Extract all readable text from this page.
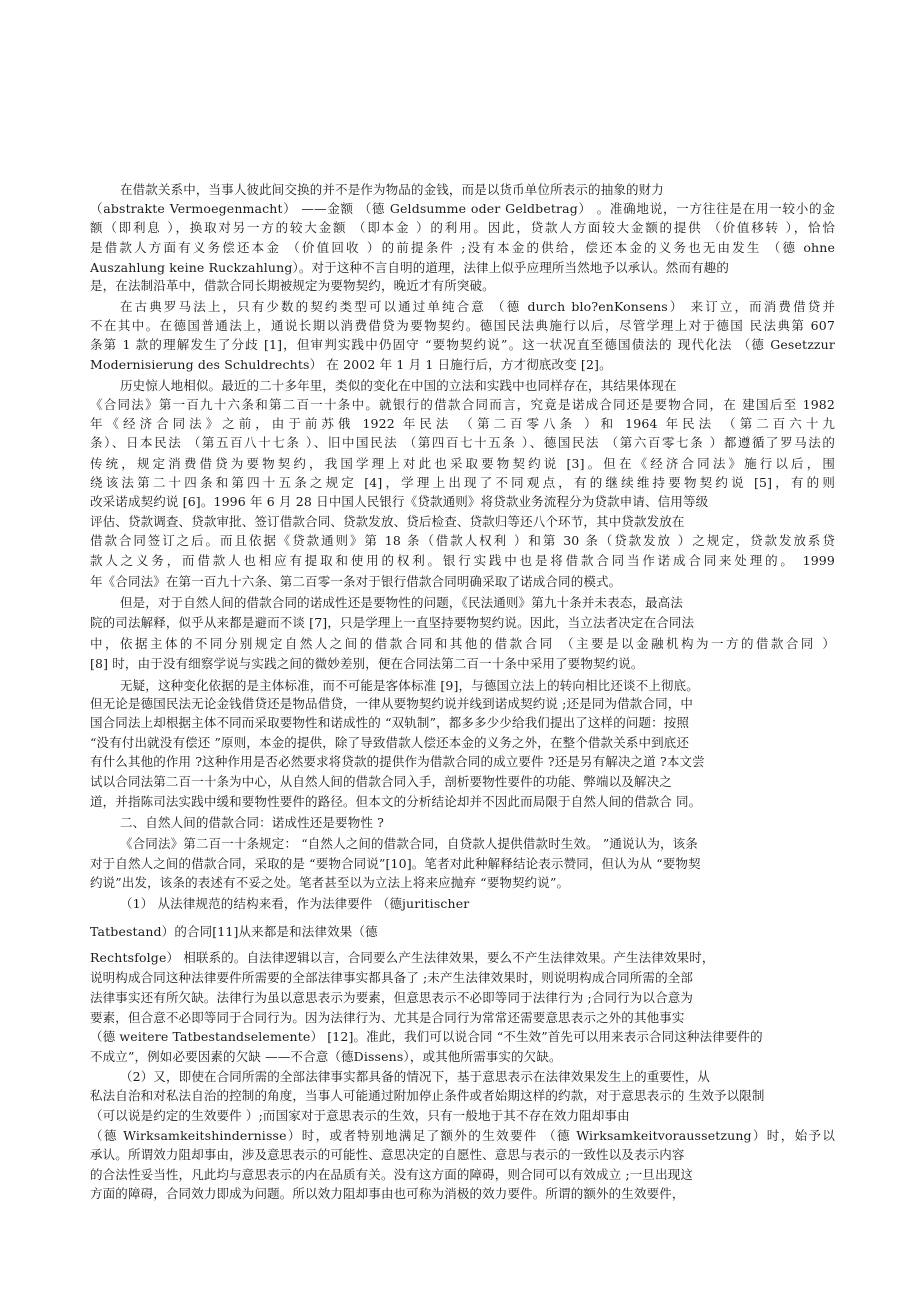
在借款关系中，当事人彼此间交换的并不是作为物品的金钱，而是以货币单位所表示的抽象的财力
（abstrakte Vermoegenmacht） ——金额 （德 Geldsumme oder Geldbetrag） 。准确地说，一方往往是在用一较小的金
额（即利息 ），换取对另一方的较大金额 （即本金 ）的利用。因此，贷款人方面较大金额的提供 （价值移转 ），恰恰
是借款人方面有义务偿还本金 （价值回收 ）的前提条件 ;没有本金的供给，偿还本金的义务也无由发生 （德 ohne
Auszahlung keine Ruckzahlung）。对于这种不言自明的道理，法律上似乎应理所当然地予以承认。然而有趣的
是，在法制沿革中，借款合同长期被规定为要物契约，晚近才有所突破。
在古典罗马法上，只有少数的契约类型可以通过单纯合意 （德 durch blo?enKonsens） 来订立，而消费借贷并
不在其中。在德国普通法上，通说长期以消费借贷为要物契约。德国民法典施行以后，尽管学理上对于德国 民法典第 607
条第 1 款的理解发生了分歧 [1]，但审判实践中仍固守 “要物契约说”。这一状况直至德国债法的 现代化法 （德 Gesetzzur
Modernisierung des Schuldrechts） 在 2002 年 1 月 1 日施行后，方才彻底改变 [2]。
历史惊人地相似。最近的二十多年里，类似的变化在中国的立法和实践中也同样存在，其结果体现在
《合同法》第一百九十六条和第二百一十条中。就银行的借款合同而言，究竟是诺成合同还是要物合同，在 建国后至 1982
年《经济合同法》之前，由于前苏俄 1922 年民法 （第二百零八条 ）和 1964 年民法 （第二百六十九
条）、日本民法 （第五百八十七条 ）、旧中国民法 （第四百七十五条 ）、德国民法 （第六百零七条 ）都遵循了罗马法的
传统，规定消费借贷为要物契约，我国学理上对此也采取要物契约说 [3]。但在《经济合同法》施行以后，围
绕该法第二十四条和第四十五条之规定 [4]，学理上出现了不同观点，有的继续维持要物契约说 [5]，有的则
改采诺成契约说 [6]。1996 年 6 月 28 日中国人民银行《贷款通则》将贷款业务流程分为贷款申请、信用等级
评估、贷款调查、贷款审批、签订借款合同、贷款发放、贷后检查、贷款归等还八个环节，其中贷款发放在
借款合同签订之后。而且依据《贷款通则》第 18 条（借款人权利 ）和第 30 条（贷款发放 ）之规定，贷款发放系贷
款人之义务，而借款人也相应有提取和使用的权利。银行实践中也是将借款合同当作诺成合同来处理的。 1999
年《合同法》在第一百九十六条、第二百零一条对于银行借款合同明确采取了诺成合同的模式。
但是，对于自然人间的借款合同的诺成性还是要物性的问题，《民法通则》第九十条并未表态，最高法
院的司法解释，似乎从来都是避而不谈 [7]，只是学理上一直坚持要物契约说。因此，当立法者决定在合同法
中，依据主体的不同分别规定自然人之间的借款合同和其他的借款合同 （主要是以金融机构为一方的借款合同 ）
[8] 时，由于没有细察学说与实践之间的微妙差别，便在合同法第二百一十条中采用了要物契约说。
无疑，这种变化依据的是主体标准，而不可能是客体标准 [9]，与德国立法上的转向相比还谈不上彻底。
但无论是德国民法无论金钱借贷还是物品借贷，一律从要物契约说并线到诺成契约说 ;还是同为借款合同，中
国合同法上却根据主体不同而采取要物性和诺成性的 “双轨制”，都多多少少给我们提出了这样的问题：按照
“没有付出就没有偿还 ”原则，本金的提供，除了导致借款人偿还本金的义务之外，在整个借款关系中到底还
有什么其他的作用 ?这种作用是否必然要求将贷款的提供作为借款合同的成立要件 ?还是另有解决之道 ?本文尝
试以合同法第二百一十条为中心，从自然人间的借款合同入手，剖析要物性要件的功能、弊端以及解决之
道，并指陈司法实践中缓和要物性要件的路径。但本文的分析结论却并不因此而局限于自然人间的借款合 同。
二、自然人间的借款合同：诺成性还是要物性 ?
《合同法》第二百一十条规定： “自然人之间的借款合同，自贷款人提供借款时生效。 ”通说认为，该条
对于自然人之间的借款合同，采取的是 “要物合同说”[10]。笔者对此种解释结论表示赞同，但认为从 “要物契
约说”出发，该条的表述有不妥之处。笔者甚至以为立法上将来应抛弃 “要物契约说”。
（1） 从法律规范的结构来看，作为法律要件 （德juritischer
Tatbestand）的合同[11]从来都是和法律效果（德
Rechtsfolge） 相联系的。自法律逻辑以言，合同要么产生法律效果，要么不产生法律效果。产生法律效果时，
说明构成合同这种法律要件所需要的全部法律事实都具备了 ;未产生法律效果时，则说明构成合同所需的全部
法律事实还有所欠缺。法律行为虽以意思表示为要素，但意思表示不必即等同于法律行为 ;合同行为以合意为
要素，但合意不必即等同于合同行为。因为法律行为、尤其是合同行为常常还需要意思表示之外的其他事实
（德 weitere Tatbestandselemente） [12]。准此，我们可以说合同 “不生效”首先可以用来表示合同这种法律要件的
不成立”，例如必要因素的欠缺 ——不合意（德Dissens），或其他所需事实的欠缺。
（2）又，即使在合同所需的全部法律事实都具备的情况下，基于意思表示在法律效果发生上的重要性，从
私法自治和对私法自治的控制的角度，当事人可能通过附加停止条件或者始期这样的约款，对于意思表示的 生效予以限制
（可以说是约定的生效要件 ）;而国家对于意思表示的生效，只有一般地于其不存在效力阻却事由
（德 Wirksamkeitshindernisse）时，或者特别地满足了额外的生效要件 （德 Wirksamkeitvoraussetzung）时，始予以
承认。所谓效力阻却事由，涉及意思表示的可能性、意思决定的自愿性、意思与表示的一致性以及表示内容
的合法性妥当性，凡此均与意思表示的内在品质有关。没有这方面的障碍，则合同可以有效成立 ;一旦出现这
方面的障碍，合同效力即成为问题。所以效力阻却事由也可称为消极的效力要件。所谓的额外的生效要件，
